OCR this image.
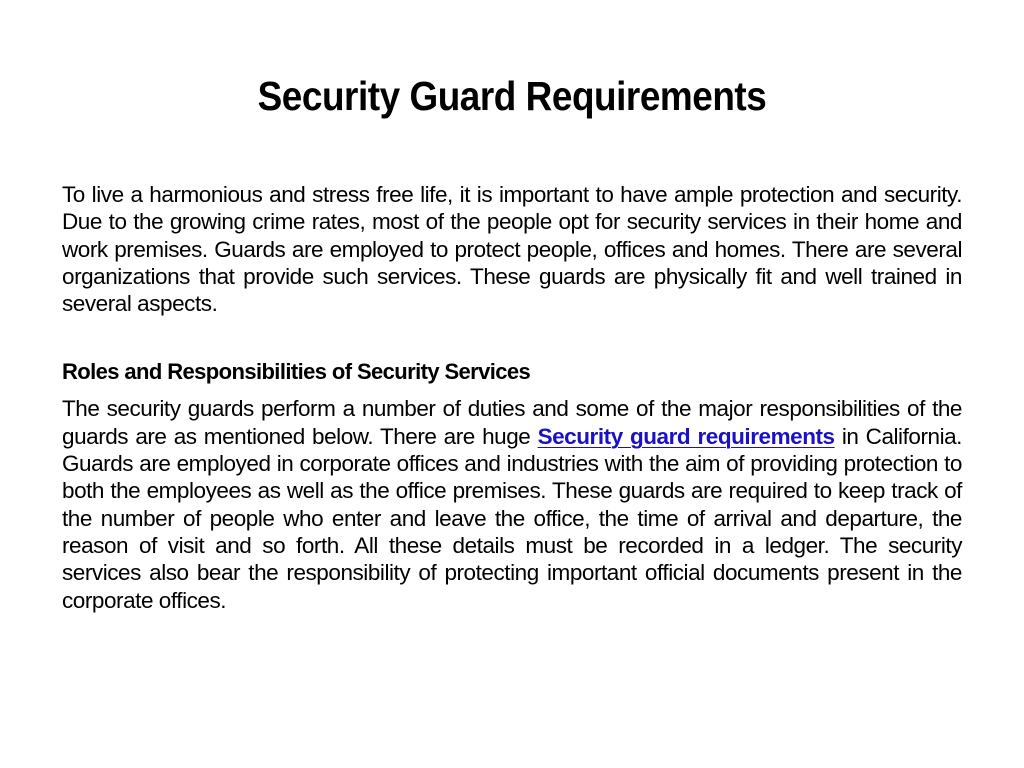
Security Guard Requirements

To live a harmonious and stress free life, it is important to have ample protection and security. Due to the growing crime rates, most of the people opt for security services in their home and work premises. Guards are employed to protect people, offices and homes. There are several organizations that provide such services. These guards are physically fit and well trained in several aspects.

Roles and Responsibilities of Security Services

The security guards perform a number of duties and some of the major responsibilities of the guards are as mentioned below. There are huge Security guard requirements in California. Guards are employed in corporate offices and industries with the aim of providing protection to both the employees as well as the office premises. These guards are required to keep track of the number of people who enter and leave the office, the time of arrival and departure, the reason of visit and so forth. All these details must be recorded in a ledger. The security services also bear the responsibility of protecting important official documents present in the corporate offices.
